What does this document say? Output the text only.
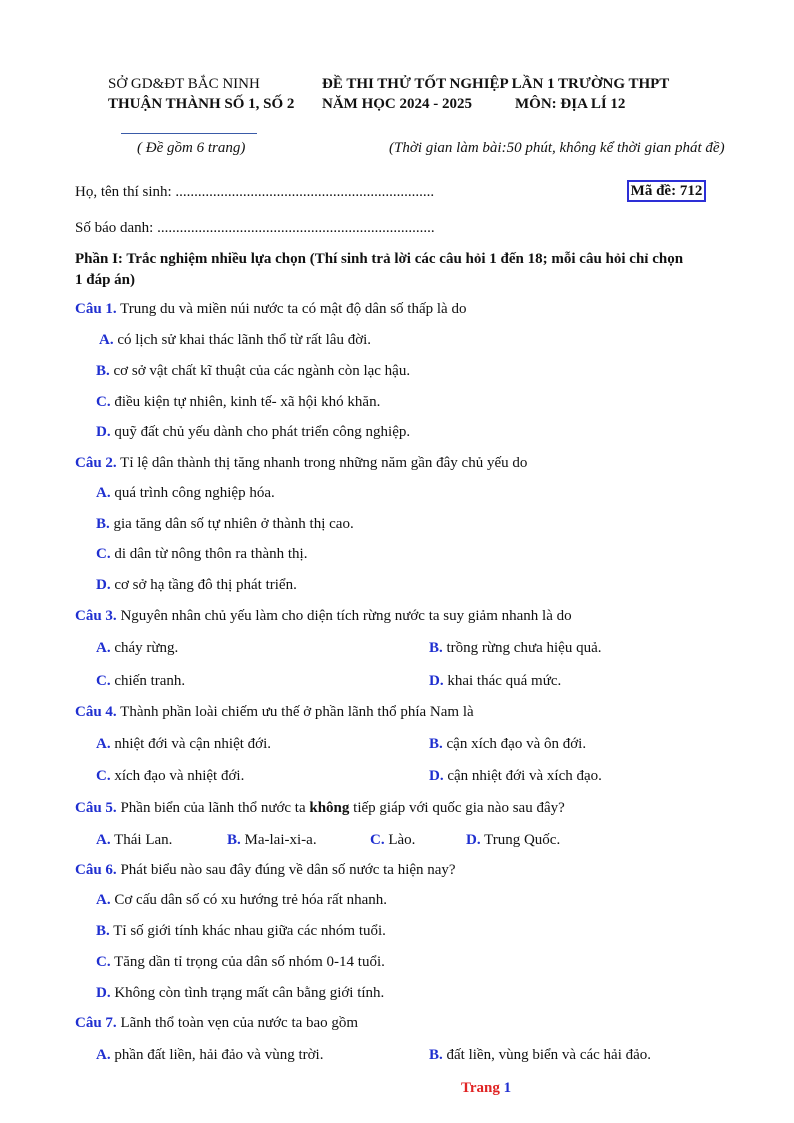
SỞ GD&ĐT BẮC NINH
THUẬN THÀNH SỐ 1, SỐ 2
ĐỀ THI THỬ TỐT NGHIỆP LẦN 1 TRƯỜNG THPT
NĂM HỌC 2024 - 2025	MÔN: ĐỊA LÍ 12
( Đề gồm 6 trang)	(Thời gian làm bài:50 phút, không kể thời gian phát đề)
Họ, tên thí sinh: .....................................................................	Mã đề: 712
Số báo danh: ..........................................................................
Phần I: Trắc nghiệm nhiều lựa chọn (Thí sinh trả lời các câu hỏi 1 đến 18; mỗi câu hỏi chỉ chọn
1 đáp án)
Câu 1. Trung du và miền núi nước ta có mật độ dân số thấp là do
A. có lịch sử khai thác lãnh thổ từ rất lâu đời.
B. cơ sở vật chất kĩ thuật của các ngành còn lạc hậu.
C. điều kiện tự nhiên, kinh tế- xã hội khó khăn.
D. quỹ đất chủ yếu dành cho phát triển công nghiệp.
Câu 2. Tỉ lệ dân thành thị tăng nhanh trong những năm gần đây chủ yếu do
A. quá trình công nghiệp hóa.
B. gia tăng dân số tự nhiên ở thành thị cao.
C. di dân từ nông thôn ra thành thị.
D. cơ sở hạ tầng đô thị phát triển.
Câu 3. Nguyên nhân chủ yếu làm cho diện tích rừng nước ta suy giảm nhanh là do
A. cháy rừng.	B. trồng rừng chưa hiệu quả.
C. chiến tranh.	D. khai thác quá mức.
Câu 4. Thành phần loài chiếm ưu thế ở phần lãnh thổ phía Nam là
A. nhiệt đới và cận nhiệt đới.	B. cận xích đạo và ôn đới.
C. xích đạo và nhiệt đới.	D. cận nhiệt đới và xích đạo.
Câu 5. Phần biển của lãnh thổ nước ta không tiếp giáp với quốc gia nào sau đây?
A. Thái Lan.	B. Ma-lai-xi-a.	C. Lào.	D. Trung Quốc.
Câu 6. Phát biểu nào sau đây đúng về dân số nước ta hiện nay?
A. Cơ cấu dân số có xu hướng trẻ hóa rất nhanh.
B. Tỉ số giới tính khác nhau giữa các nhóm tuổi.
C. Tăng dần tỉ trọng của dân số nhóm 0-14 tuổi.
D. Không còn tình trạng mất cân bằng giới tính.
Câu 7. Lãnh thổ toàn vẹn của nước ta bao gồm
A. phần đất liền, hải đảo và vùng trời.	B. đất liền, vùng biển và các hải đảo.
Trang 1
